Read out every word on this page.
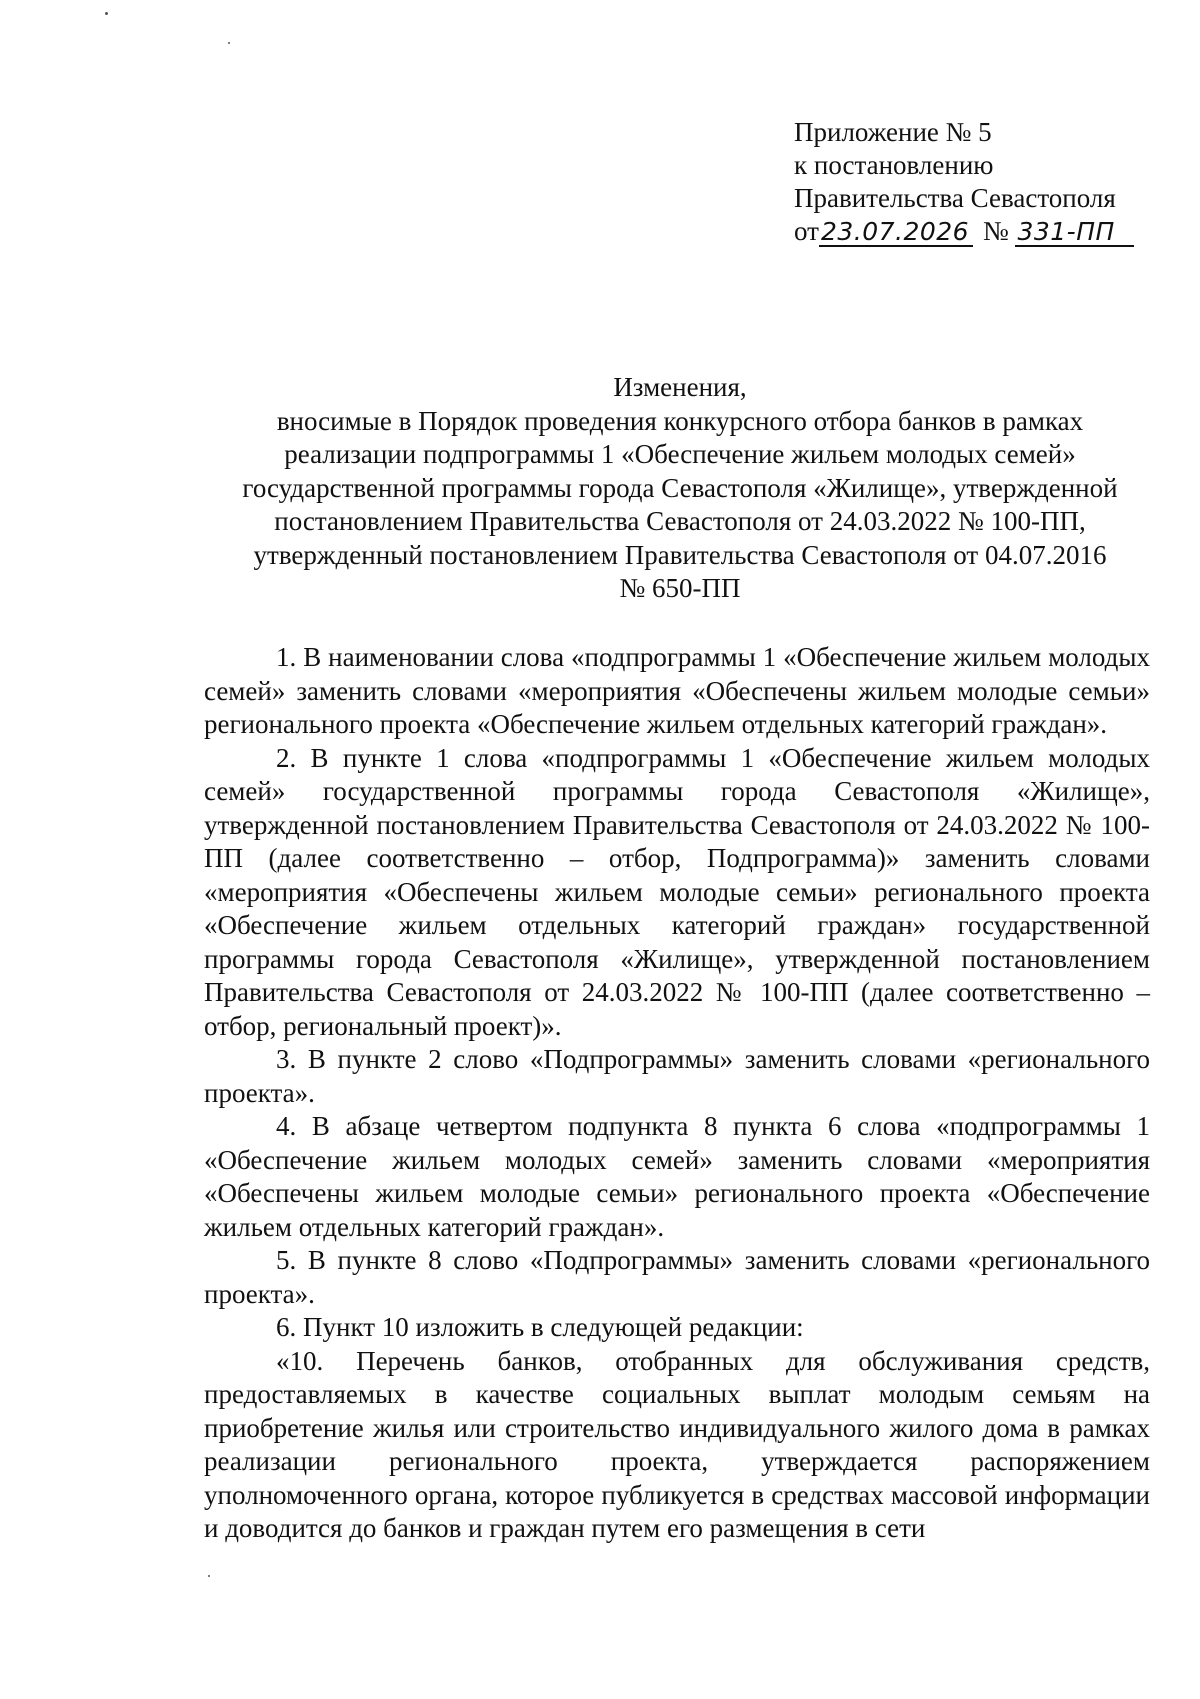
Приложение № 5
к постановлению
Правительства Севастополя
от23.07.2026 № 331-ПП
Изменения,
вносимые в Порядок проведения конкурсного отбора банков в рамках
реализации подпрограммы 1 «Обеспечение жильем молодых семей»
государственной программы города Севастополя «Жилище», утвержденной
постановлением Правительства Севастополя от 24.03.2022 № 100-ПП,
утвержденный постановлением Правительства Севастополя от 04.07.2016
№ 650-ПП

1. В наименовании слова «подпрограммы 1 «Обеспечение жильем молодых семей» заменить словами «мероприятия «Обеспечены жильем молодые семьи» регионального проекта «Обеспечение жильем отдельных категорий граждан».

2. В пункте 1 слова «подпрограммы 1 «Обеспечение жильем молодых семей» государственной программы города Севастополя «Жилище», утвержденной постановлением Правительства Севастополя от 24.03.2022 № 100-ПП (далее соответственно – отбор, Подпрограмма)» заменить словами «мероприятия «Обеспечены жильем молодые семьи» регионального проекта «Обеспечение жильем отдельных категорий граждан» государственной программы города Севастополя «Жилище», утвержденной постановлением Правительства Севастополя от 24.03.2022 № 100-ПП (далее соответственно – отбор, региональный проект)».

3. В пункте 2 слово «Подпрограммы» заменить словами «регионального проекта».

4. В абзаце четвертом подпункта 8 пункта 6 слова «подпрограммы 1 «Обеспечение жильем молодых семей» заменить словами «мероприятия «Обеспечены жильем молодые семьи» регионального проекта «Обеспечение жильем отдельных категорий граждан».

5. В пункте 8 слово «Подпрограммы» заменить словами «регионального проекта».

6. Пункт 10 изложить в следующей редакции:

«10. Перечень банков, отобранных для обслуживания средств, предоставляемых в качестве социальных выплат молодым семьям на приобретение жилья или строительство индивидуального жилого дома в рамках реализации регионального проекта, утверждается распоряжением уполномоченного органа, которое публикуется в средствах массовой информации и доводится до банков и граждан путем его размещения в сети
